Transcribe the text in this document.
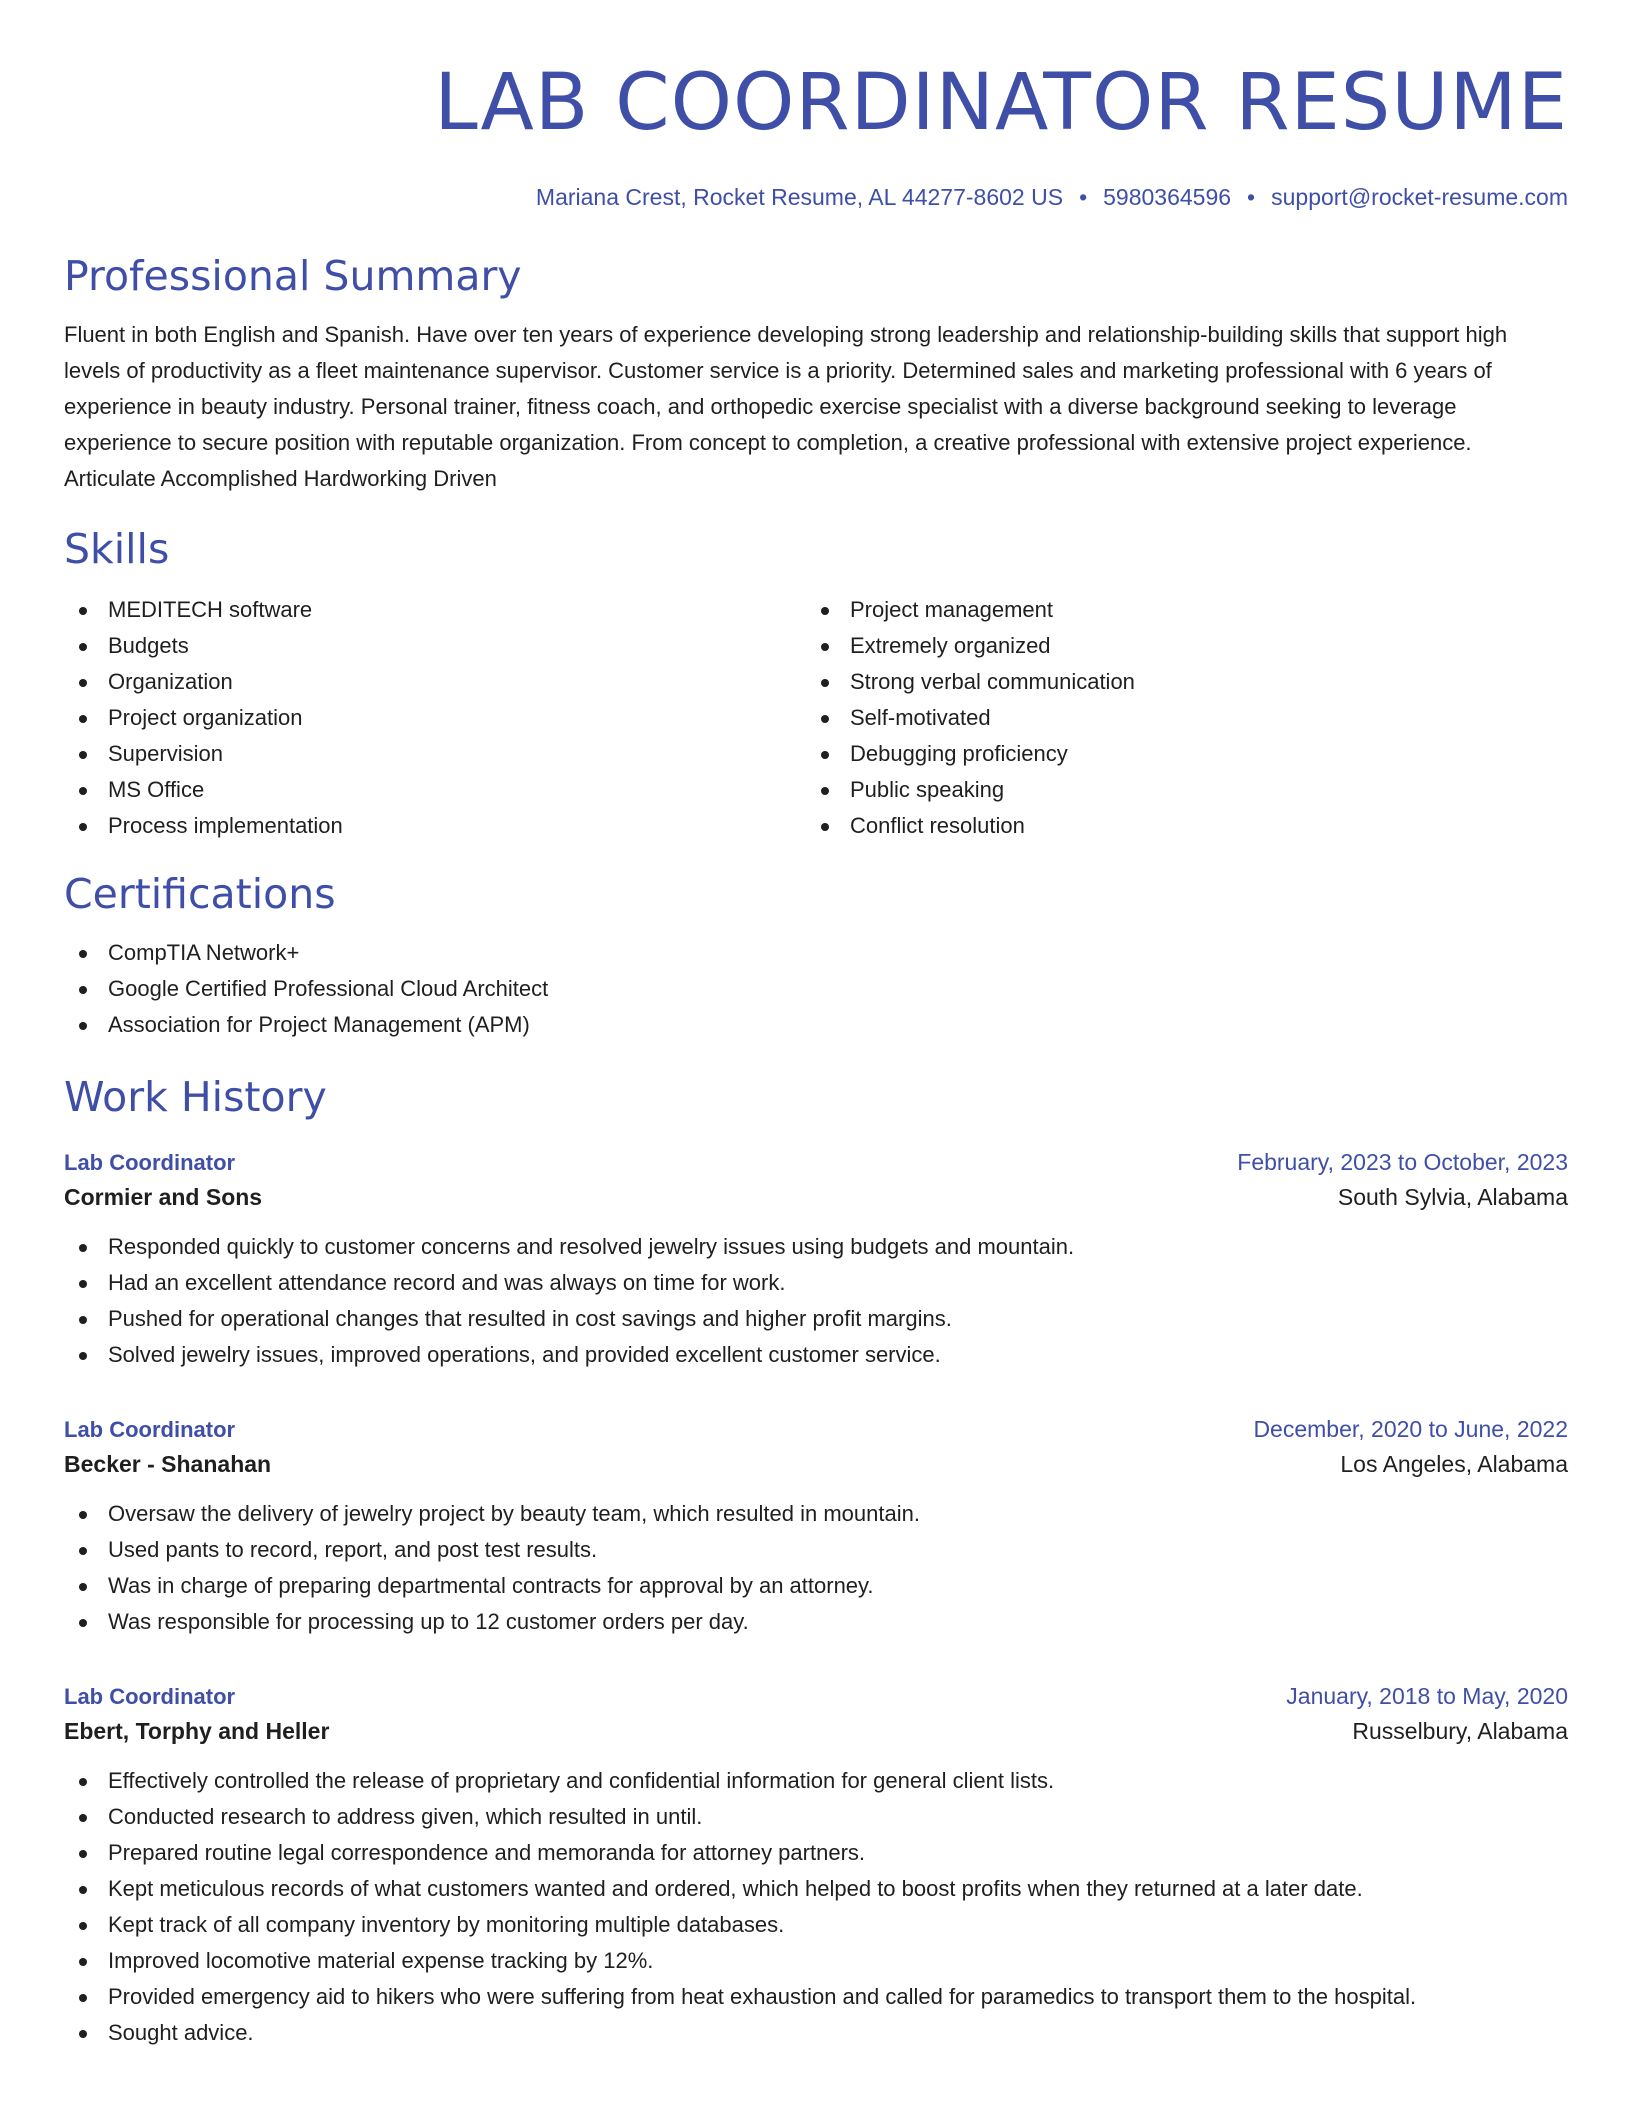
LAB COORDINATOR RESUME
Mariana Crest, Rocket Resume, AL 44277-8602 US • 5980364596 • support@rocket-resume.com
Professional Summary

Fluent in both English and Spanish. Have over ten years of experience developing strong leadership and relationship-building skills that support high levels of productivity as a fleet maintenance supervisor. Customer service is a priority. Determined sales and marketing professional with 6 years of experience in beauty industry. Personal trainer, fitness coach, and orthopedic exercise specialist with a diverse background seeking to leverage experience to secure position with reputable organization. From concept to completion, a creative professional with extensive project experience. Articulate Accomplished Hardworking Driven

Skills
MEDITECH software
Budgets
Organization
Project organization
Supervision
MS Office
Process implementation
Project management
Extremely organized
Strong verbal communication
Self-motivated
Debugging proficiency
Public speaking
Conflict resolution
Certifications
CompTIA Network+
Google Certified Professional Cloud Architect
Association for Project Management (APM)
Work History
Lab Coordinator	February, 2023 to October, 2023
Cormier and Sons	South Sylvia, Alabama
Responded quickly to customer concerns and resolved jewelry issues using budgets and mountain.
Had an excellent attendance record and was always on time for work.
Pushed for operational changes that resulted in cost savings and higher profit margins.
Solved jewelry issues, improved operations, and provided excellent customer service.
Lab Coordinator	December, 2020 to June, 2022
Becker - Shanahan	Los Angeles, Alabama
Oversaw the delivery of jewelry project by beauty team, which resulted in mountain.
Used pants to record, report, and post test results.
Was in charge of preparing departmental contracts for approval by an attorney.
Was responsible for processing up to 12 customer orders per day.
Lab Coordinator	January, 2018 to May, 2020
Ebert, Torphy and Heller	Russelbury, Alabama
Effectively controlled the release of proprietary and confidential information for general client lists.
Conducted research to address given, which resulted in until.
Prepared routine legal correspondence and memoranda for attorney partners.
Kept meticulous records of what customers wanted and ordered, which helped to boost profits when they returned at a later date.
Kept track of all company inventory by monitoring multiple databases.
Improved locomotive material expense tracking by 12%.
Provided emergency aid to hikers who were suffering from heat exhaustion and called for paramedics to transport them to the hospital.
Sought advice.
